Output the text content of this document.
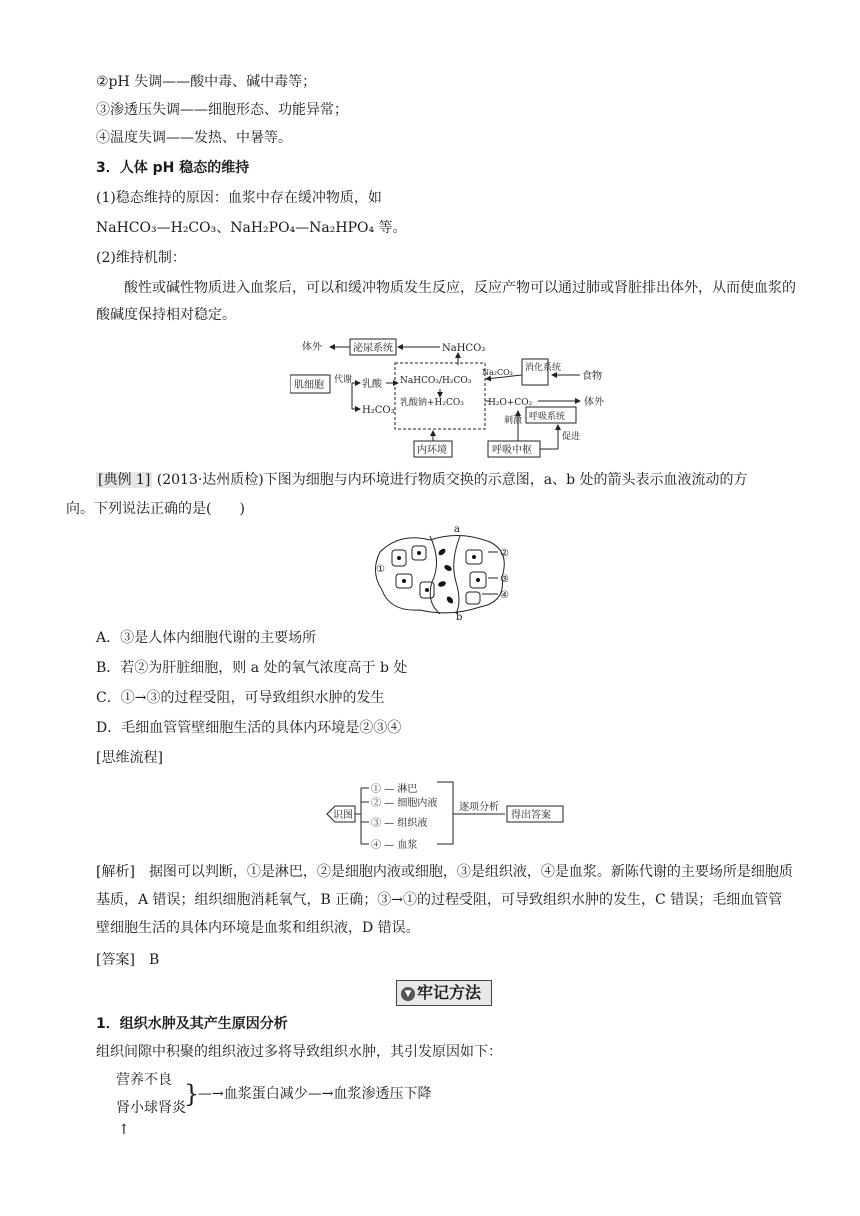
②pH 失调——酸中毒、碱中毒等；
③渗透压失调——细胞形态、功能异常；
④温度失调——发热、中暑等。
3．人体 pH 稳态的维持
(1)稳态维持的原因：血浆中存在缓冲物质，如
NaHCO₃—H₂CO₃、NaH₂PO₄—Na₂HPO₄ 等。
(2)维持机制：
酸性或碱性物质进入血浆后，可以和缓冲物质发生反应，反应产物可以通过肺或肾脏排出体外，从而使血浆的酸碱度保持相对稳定。
体外	泌尿系统	NaHCO₃
肌细胞 代谢 乳酸
H₂CO₃
NaHCO₃/H₂CO₃
乳酸钠+H₂CO₃
Na₂CO₃ 消化系统
食物
H₂O+CO₂	体外
呼吸系统
刺激
内环境	呼吸中枢
促进
[典例 1] (2013·达州质检)下图为细胞与内环境进行物质交换的示意图，a、b 处的箭头表示血液流动的方
向。下列说法正确的是(　　)
a
b
①
②
③
④
A．③是人体内细胞代谢的主要场所
B．若②为肝脏细胞，则 a 处的氧气浓度高于 b 处
C．①→③的过程受阻，可导致组织水肿的发生
D．毛细血管管壁细胞生活的具体内环境是②③④
[思维流程]
识图
① — 淋巴
② — 细胞内液
③ — 组织液
④ — 血浆
逐项分析
得出答案
[解析]　 据图可以判断，①是淋巴，②是细胞内液或细胞，③是组织液，④是血浆。新陈代谢的主要场所是细胞质基质，A 错误；组织细胞消耗氧气，B 正确；③→①的过程受阻，可导致组织水肿的发生，C 错误；毛细血管管壁细胞生活的具体内环境是血浆和组织液，D 错误。
[答案]　 B
▼ 牢记方法
1．组织水肿及其产生原因分析
组织间隙中积聚的组织液过多将导致组织水肿，其引发原因如下：
营养不良
肾小球肾炎
}
—→血浆蛋白减少—→血浆渗透压下降
↑
